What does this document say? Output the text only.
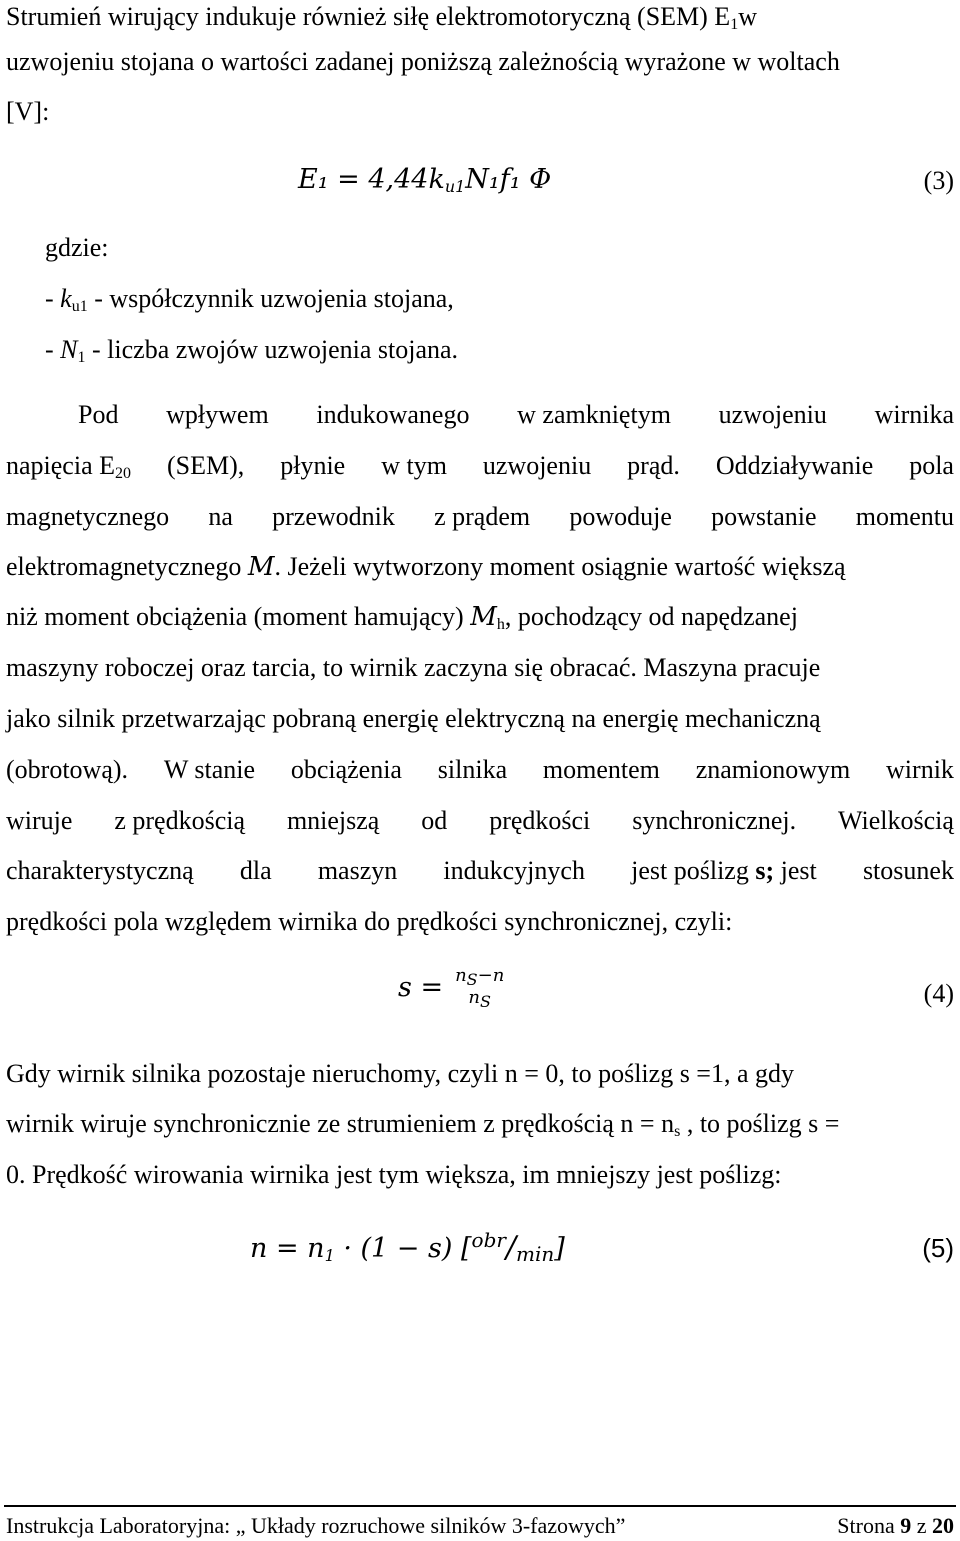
Strumień wirujący indukuje również siłę elektromotoryczną (SEM) $E_1w$
uzwojeniu stojana o wartości zadanej poniższą zależnością wyrażone w woltach
[V]:
$E_1 = 4,44k_{u1}N_1f_1$ Φ	(3)
gdzie:
- $k_{u1}$ - współczynnik uzwojenia stojana,
- $N_1$ - liczba zwojów uzwojenia stojana.
Pod wpływem indukowanego w zamkniętym uzwojeniu wirnika
napięcia $E_{20}$ (SEM), płynie w tym uzwojeniu prąd. Oddziaływanie pola
magnetycznego na przewodnik z prądem powoduje powstanie momentu
elektromagnetycznego M. Jeżeli wytworzony moment osiągnie wartość większą
niż moment obciążenia (moment hamujący) $M_h$, pochodzący od napędzanej
maszyny roboczej oraz tarcia, to wirnik zaczyna się obracać. Maszyna pracuje
jako silnik przetwarzając pobraną energię elektryczną na energię mechaniczną
(obrotową). W stanie obciążenia silnika momentem znamionowym wirnik
wiruje z prędkością mniejszą od prędkości synchronicznej. Wielkością
charakterystyczną dla maszyn indukcyjnych jest poślizg s; jest stosunek
prędkości pola względem wirnika do prędkości synchronicznej, czyli:
$s = n_S-n$
$n_S$	(4)
Gdy wirnik silnika pozostaje nieruchomy, czyli n = 0, to poślizg s =1, a gdy
wirnik wiruje synchronicznie ze strumieniem z prędkością $n = n_s$ , to poślizg s =
0. Prędkość wirowania wirnika jest tym większa, im mniejszy jest poślizg:
$n = n_1 \cdot (1 - s)$ $[^{obr}/_{min}]$	(5)
Instrukcja Laboratoryjna: „ Układy rozruchowe silników 3-fazowych”	Strona 9 z 20
